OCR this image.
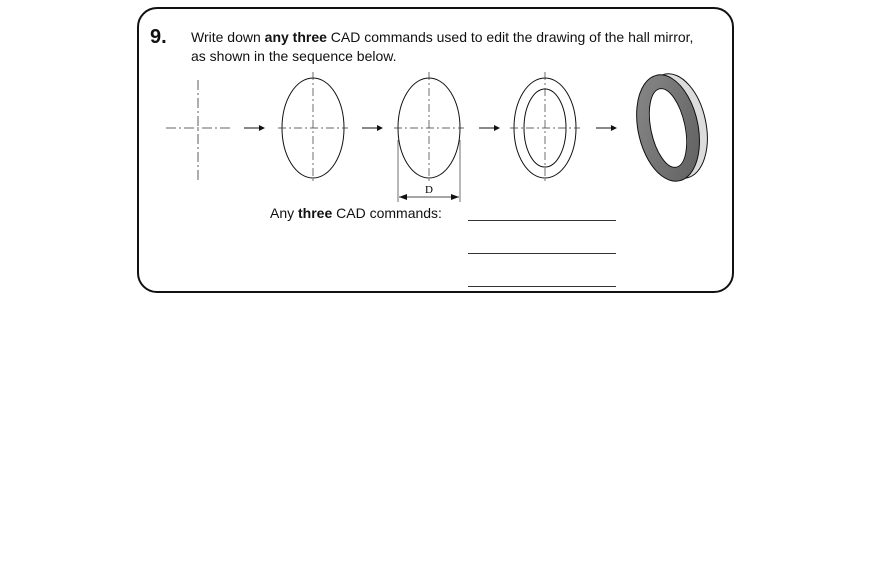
9. Write down any three CAD commands used to edit the drawing of the hall mirror,
as shown in the sequence below.
D
Any three CAD commands:
